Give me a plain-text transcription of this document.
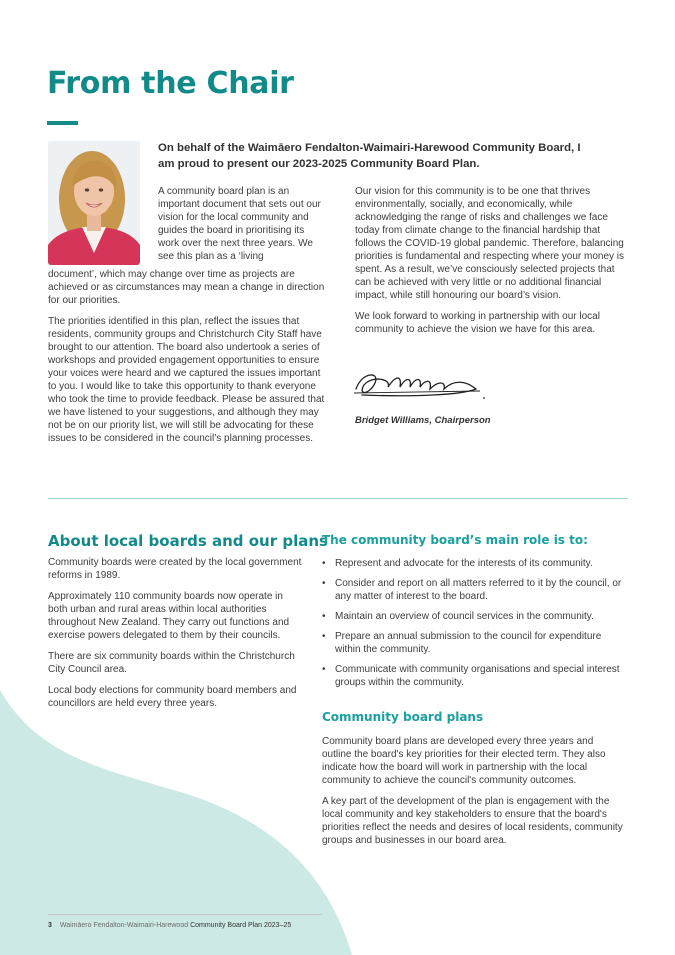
From the Chair
On behalf of the Waimāero Fendalton-Waimairi-Harewood Community Board, I am proud to present our 2023-2025 Community Board Plan.
A community board plan is an important document that sets out our vision for the local community and guides the board in prioritising its work over the next three years. We see this plan as a ‘living

document’, which may change over time as projects are achieved or as circumstances may mean a change in direction for our priorities.

The priorities identified in this plan, reflect the issues that residents, community groups and Christchurch City Staff have brought to our attention. The board also undertook a series of workshops and provided engagement opportunities to ensure your voices were heard and we captured the issues important to you. I would like to take this opportunity to thank everyone who took the time to provide feedback. Please be assured that we have listened to your suggestions, and although they may not be on our priority list, we will still be advocating for these issues to be considered in the council’s planning processes.

Our vision for this community is to be one that thrives environmentally, socially, and economically, while acknowledging the range of risks and challenges we face today from climate change to the financial hardship that follows the COVID-19 global pandemic. Therefore, balancing priorities is fundamental and respecting where your money is spent. As a result, we’ve consciously selected projects that can be achieved with very little or no additional financial impact, while still honouring our board’s vision.

We look forward to working in partnership with our local community to achieve the vision we have for this area.

Bridget Williams, Chairperson
About local boards and our plans

Community boards were created by the local government reforms in 1989.

Approximately 110 community boards now operate in both urban and rural areas within local authorities throughout New Zealand. They carry out functions and exercise powers delegated to them by their councils.

There are six community boards within the Christchurch City Council area.

Local body elections for community board members and councillors are held every three years.

The community board’s main role is to:
• Represent and advocate for the interests of its community.
• Consider and report on all matters referred to it by the council, or any matter of interest to the board.
• Maintain an overview of council services in the community.
• Prepare an annual submission to the council for expenditure within the community.
• Communicate with community organisations and special interest groups within the community.
Community board plans

Community board plans are developed every three years and outline the board's key priorities for their elected term. They also indicate how the board will work in partnership with the local community to achieve the council's community outcomes.

A key part of the development of the plan is engagement with the local community and key stakeholders to ensure that the board's priorities reflect the needs and desires of local residents, community groups and businesses in our board area.

3 Waimāero Fendalton-Waimairi-Harewood Community Board Plan 2023–25
